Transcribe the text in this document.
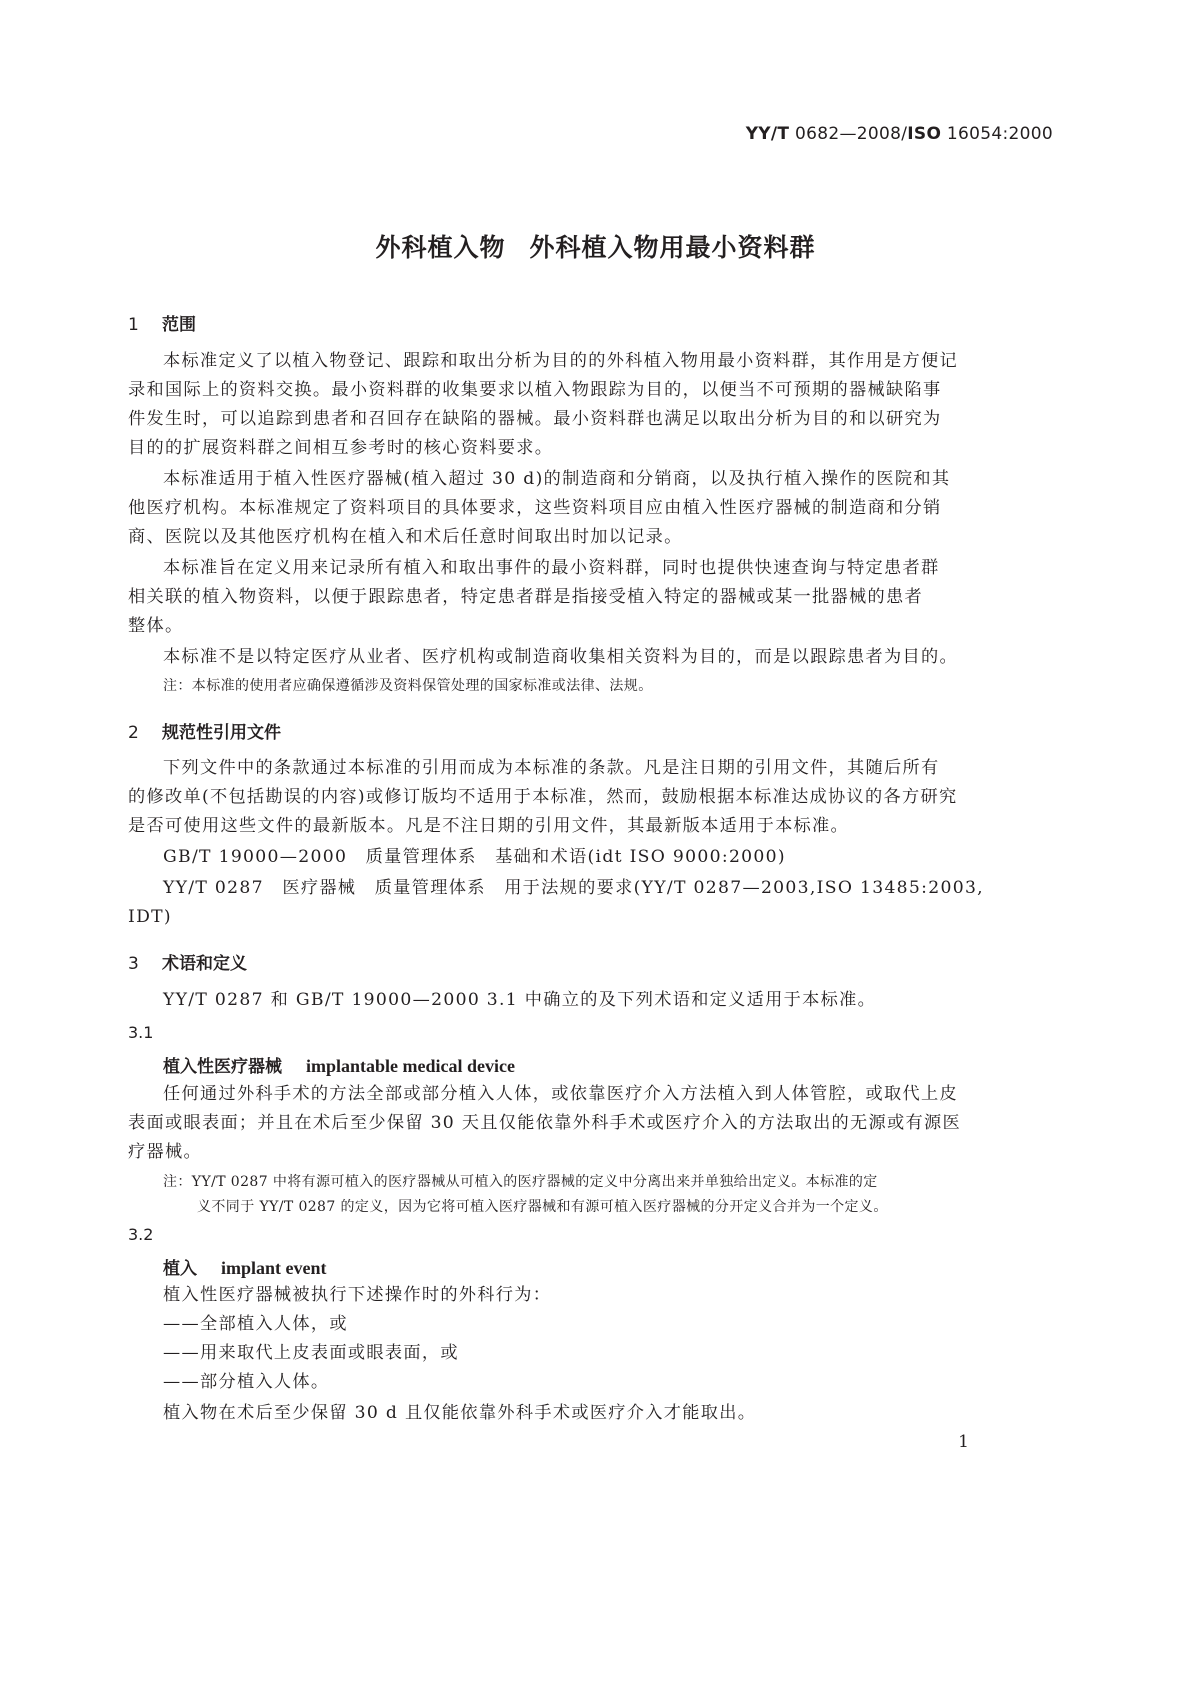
YY/T 0682—2008/ISO 16054:2000
外科植入物 外科植入物用最小资料群
1 范围
本标准定义了以植入物登记、跟踪和取出分析为目的的外科植入物用最小资料群，其作用是方便记
录和国际上的资料交换。最小资料群的收集要求以植入物跟踪为目的，以便当不可预期的器械缺陷事
件发生时，可以追踪到患者和召回存在缺陷的器械。最小资料群也满足以取出分析为目的和以研究为
目的的扩展资料群之间相互参考时的核心资料要求。
本标准适用于植入性医疗器械(植入超过 30 d)的制造商和分销商，以及执行植入操作的医院和其
他医疗机构。本标准规定了资料项目的具体要求，这些资料项目应由植入性医疗器械的制造商和分销
商、医院以及其他医疗机构在植入和术后任意时间取出时加以记录。
本标准旨在定义用来记录所有植入和取出事件的最小资料群，同时也提供快速查询与特定患者群
相关联的植入物资料，以便于跟踪患者，特定患者群是指接受植入特定的器械或某一批器械的患者
整体。
本标准不是以特定医疗从业者、医疗机构或制造商收集相关资料为目的，而是以跟踪患者为目的。
注：本标准的使用者应确保遵循涉及资料保管处理的国家标准或法律、法规。
2 规范性引用文件
下列文件中的条款通过本标准的引用而成为本标准的条款。凡是注日期的引用文件，其随后所有
的修改单(不包括勘误的内容)或修订版均不适用于本标准，然而，鼓励根据本标准达成协议的各方研究
是否可使用这些文件的最新版本。凡是不注日期的引用文件，其最新版本适用于本标准。
GB/T 19000—2000　质量管理体系　基础和术语(idt ISO 9000:2000)
YY/T 0287　医疗器械　质量管理体系　用于法规的要求(YY/T 0287—2003,ISO 13485:2003,
IDT)
3 术语和定义
YY/T 0287 和 GB/T 19000—2000 3.1 中确立的及下列术语和定义适用于本标准。
3.1
植入性医疗器械 implantable medical device
任何通过外科手术的方法全部或部分植入人体，或依靠医疗介入方法植入到人体管腔，或取代上皮
表面或眼表面；并且在术后至少保留 30 天且仅能依靠外科手术或医疗介入的方法取出的无源或有源医
疗器械。
注：YY/T 0287 中将有源可植入的医疗器械从可植入的医疗器械的定义中分离出来并单独给出定义。本标准的定
义不同于 YY/T 0287 的定义，因为它将可植入医疗器械和有源可植入医疗器械的分开定义合并为一个定义。
3.2
植入 implant event
植入性医疗器械被执行下述操作时的外科行为：
——全部植入人体，或
——用来取代上皮表面或眼表面，或
——部分植入人体。
植入物在术后至少保留 30 d 且仅能依靠外科手术或医疗介入才能取出。
1
